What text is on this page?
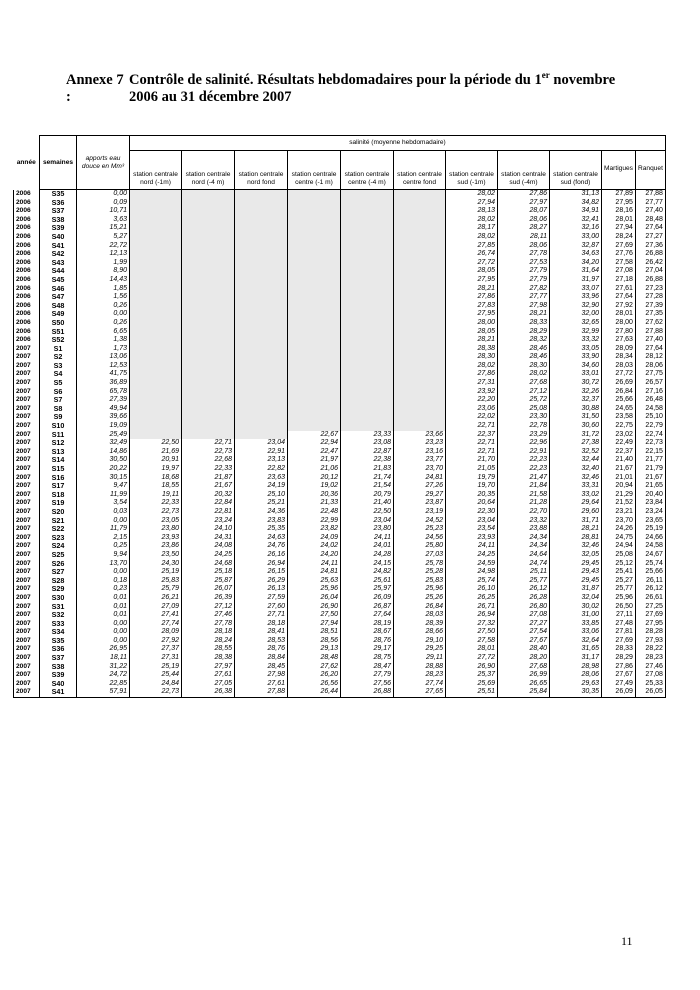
Annexe 7 :
Contrôle de salinité. Résultats hebdomadaires pour la période du 1er novembre 2006 au 31 décembre 2007
année	semaines	apports eau douce en Mm³	salinité (moyenne hebdomadaire)										
			station centrale nord (-1m)	station centrale nord (-4 m)	station centrale nord fond	station centrale centre (-1 m)	station centrale centre (-4 m)	station centrale centre fond	station centrale sud (-1m)	station centrale sud (-4m)	station centrale sud (fond)	Martigues	Ranquet
2006	S35	0,00							28,02	27,86	31,13	27,89	27,88
2006	S36	0,09							27,94	27,97	34,82	27,95	27,77
2006	S37	10,71							28,13	28,07	34,91	28,16	27,40
2006	S38	3,63							28,02	28,06	32,41	28,01	28,48
2006	S39	15,21							28,17	28,27	32,16	27,94	27,64
2006	S40	5,27							28,02	28,11	33,00	28,24	27,27
2006	S41	22,72							27,85	28,06	32,87	27,69	27,36
2006	S42	12,13							26,74	27,78	34,63	27,76	26,88
2006	S43	1,99							27,72	27,53	34,20	27,58	26,42
2006	S44	8,90							28,05	27,79	31,64	27,08	27,04
2006	S45	14,43							27,95	27,79	31,97	27,18	26,88
2006	S46	1,85							28,21	27,82	33,07	27,61	27,23
2006	S47	1,56							27,86	27,77	33,96	27,64	27,28
2006	S48	0,26							27,83	27,98	32,90	27,92	27,39
2006	S49	0,00							27,95	28,21	32,00	28,01	27,35
2006	S50	0,26							28,00	28,33	32,65	28,00	27,62
2006	S51	6,65							28,05	28,29	32,99	27,80	27,88
2006	S52	1,38							28,21	28,32	33,32	27,63	27,40
2007	S1	1,73							28,38	28,46	33,05	28,09	27,64
2007	S2	13,06							28,30	28,46	33,90	28,34	28,12
2007	S3	12,53							28,02	28,30	34,60	28,03	28,06
2007	S4	41,75							27,86	28,02	33,01	27,72	27,75
2007	S5	36,89							27,31	27,68	30,72	26,69	26,57
2007	S6	65,78							23,92	27,12	32,26	26,84	27,16
2007	S7	27,39							22,20	25,72	32,37	25,66	26,48
2007	S8	49,94							23,06	25,08	30,88	24,65	24,58
2007	S9	39,66							22,02	23,30	31,50	23,58	25,10
2007	S10	19,09							22,71	22,78	30,60	22,75	22,79
2007	S11	25,49				22,67	23,33	23,66	22,37	23,29	31,72	23,02	22,74
2007	S12	32,49	22,50	22,71	23,04	22,94	23,08	23,23	22,71	22,96	27,38	22,49	22,73
2007	S13	14,86	21,69	22,73	22,91	22,47	22,87	23,16	22,71	22,91	32,52	22,37	22,15
2007	S14	30,50	20,91	22,68	23,13	21,97	22,38	23,77	21,70	22,23	32,44	21,40	21,77
2007	S15	20,22	19,97	22,33	22,82	21,06	21,83	23,70	21,05	22,23	32,40	21,67	21,79
2007	S16	30,15	18,68	21,87	23,63	20,12	21,74	24,81	19,79	21,47	32,46	21,01	21,67
2007	S17	9,47	18,55	21,67	24,19	19,02	21,54	27,26	19,70	21,84	33,31	20,94	21,65
2007	S18	11,99	19,11	20,32	25,10	20,36	20,79	29,27	20,35	21,58	33,02	21,29	20,40
2007	S19	3,54	22,33	22,84	25,21	21,33	21,40	23,87	20,64	21,28	29,64	21,52	23,84
2007	S20	0,03	22,73	22,81	24,36	22,48	22,50	23,19	22,30	22,70	29,60	23,21	23,24
2007	S21	0,00	23,05	23,24	23,83	22,99	23,04	24,52	23,04	23,32	31,71	23,70	23,65
2007	S22	11,79	23,80	24,10	25,35	23,82	23,80	25,23	23,54	23,88	28,21	24,26	25,19
2007	S23	2,15	23,93	24,31	24,63	24,09	24,11	24,56	23,93	24,34	28,81	24,75	24,66
2007	S24	0,25	23,86	24,08	24,76	24,02	24,01	25,80	24,11	24,34	32,46	24,94	24,58
2007	S25	9,94	23,50	24,25	26,16	24,20	24,28	27,03	24,25	24,64	32,05	25,08	24,67
2007	S26	13,70	24,30	24,68	26,94	24,11	24,15	25,78	24,59	24,74	29,45	25,12	25,74
2007	S27	0,00	25,19	25,18	26,15	24,81	24,82	25,28	24,98	25,11	29,43	25,41	25,66
2007	S28	0,18	25,83	25,87	26,29	25,63	25,61	25,83	25,74	25,77	29,45	25,27	26,11
2007	S29	0,23	25,79	26,07	26,13	25,96	25,97	25,96	26,10	26,12	31,87	25,77	26,12
2007	S30	0,01	26,21	26,39	27,59	26,04	26,09	25,26	26,25	26,28	32,04	25,96	26,61
2007	S31	0,01	27,09	27,12	27,60	26,90	26,87	26,84	26,71	26,80	30,02	26,50	27,25
2007	S32	0,01	27,41	27,46	27,71	27,50	27,64	28,03	26,94	27,08	31,00	27,11	27,69
2007	S33	0,00	27,74	27,78	28,18	27,94	28,19	28,39	27,32	27,27	33,85	27,48	27,95
2007	S34	0,00	28,09	28,18	28,41	28,51	28,67	28,66	27,50	27,54	33,06	27,81	28,28
2007	S35	0,00	27,92	28,24	28,53	28,56	28,76	29,10	27,58	27,67	32,64	27,69	27,93
2007	S36	26,95	27,37	28,55	28,76	29,13	29,17	29,25	28,01	28,40	31,65	28,33	28,22
2007	S37	18,11	27,31	28,38	28,84	28,48	28,75	29,11	27,72	28,20	31,17	28,29	28,23
2007	S38	31,22	25,19	27,97	28,45	27,62	28,47	28,88	26,90	27,68	28,98	27,86	27,46
2007	S39	24,72	25,44	27,61	27,98	26,20	27,79	28,23	25,37	26,99	28,06	27,67	27,08
2007	S40	22,85	24,84	27,05	27,61	26,56	27,56	27,74	25,69	26,65	29,63	27,49	25,33
2007	S41	57,91	22,73	26,38	27,88	26,44	26,88	27,65	25,51	25,84	30,35	26,09	26,05
11
